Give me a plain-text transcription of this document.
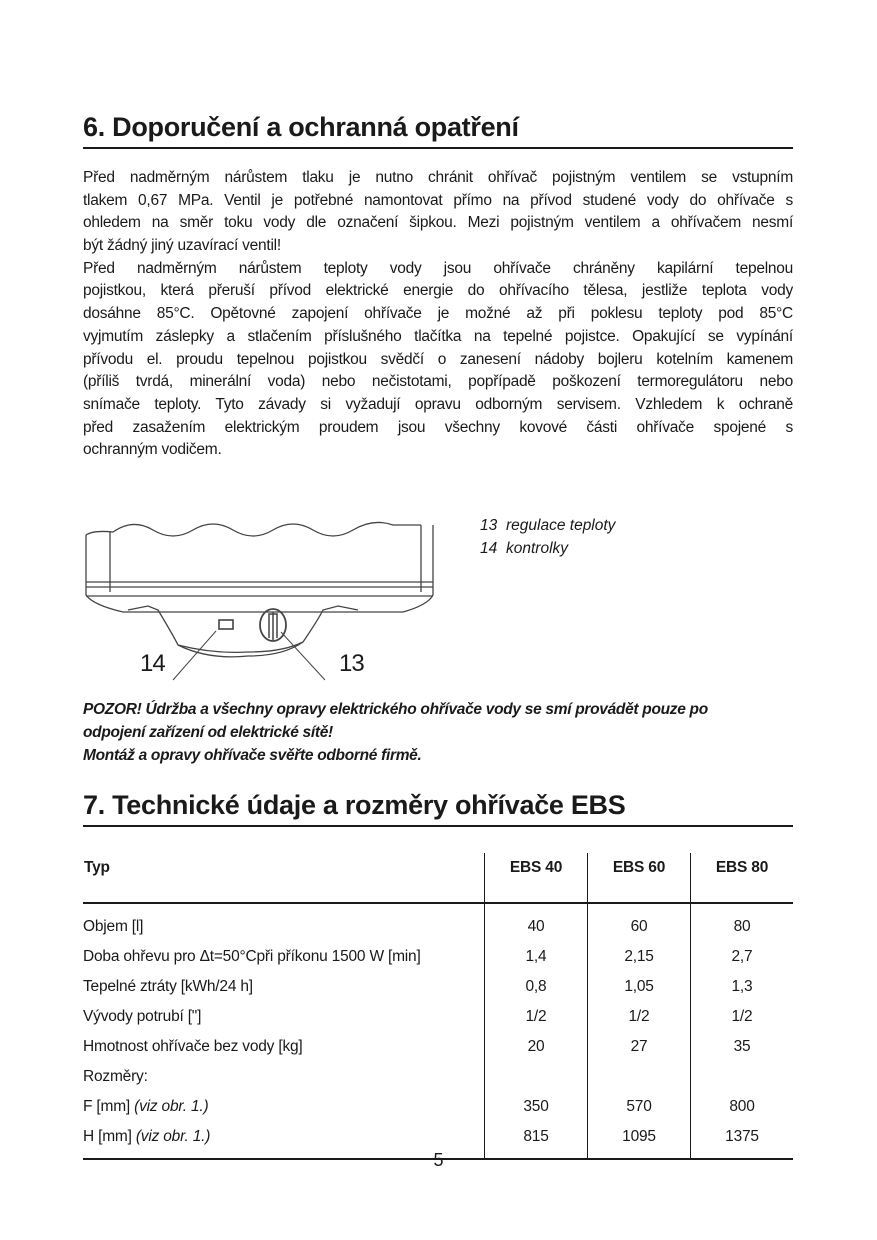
6. Doporučení a ochranná opatření
Před nadměrným nárůstem tlaku je nutno chránit ohřívač pojistným ventilem se vstupním
tlakem 0,67 MPa. Ventil je potřebné namontovat přímo na přívod studené vody do ohřívače s
ohledem na směr toku vody dle označení šipkou. Mezi pojistným ventilem a ohřívačem nesmí
být žádný jiný uzavírací ventil!
Před nadměrným nárůstem teploty vody jsou ohřívače chráněny kapilární tepelnou
pojistkou, která přeruší přívod elektrické energie do ohřívacího tělesa, jestliže teplota vody
dosáhne 85°C. Opětovné zapojení ohřívače je možné až při poklesu teploty pod 85°C
vyjmutím záslepky a stlačením příslušného tlačítka na tepelné pojistce. Opakující se vypínání
přívodu el. proudu tepelnou pojistkou svědčí o zanesení nádoby bojleru kotelním kamenem
(příliš tvrdá, minerální voda) nebo nečistotami, popřípadě poškození termoregulátoru nebo
snímače teploty. Tyto závady si vyžadují opravu odborným servisem. Vzhledem k ochraně
před zasažením elektrickým proudem jsou všechny kovové části ohřívače spojené s
ochranným vodičem.
14	13
13 regulace teploty
14 kontrolky
POZOR! Údržba a všechny opravy elektrického ohřívače vody se smí provádět pouze po
odpojení zařízení od elektrické sítě!
Montáž a opravy ohřívače svěřte odborné firmě.
7. Technické údaje a rozměry ohřívače EBS
Typ	EBS 40	EBS 60	EBS 80
Objem [l]	40	60	80
Doba ohřevu pro Δt=50°Cpři příkonu 1500 W [min]	1,4	2,15	2,7
Tepelné ztráty [kWh/24 h]	0,8	1,05	1,3
Vývody potrubí ["]	1/2	1/2	1/2
Hmotnost ohřívače bez vody [kg]	20	27	35
Rozměry:			
F [mm] (viz obr. 1.)	350	570	800
H [mm] (viz obr. 1.)	815	1095	1375
5
